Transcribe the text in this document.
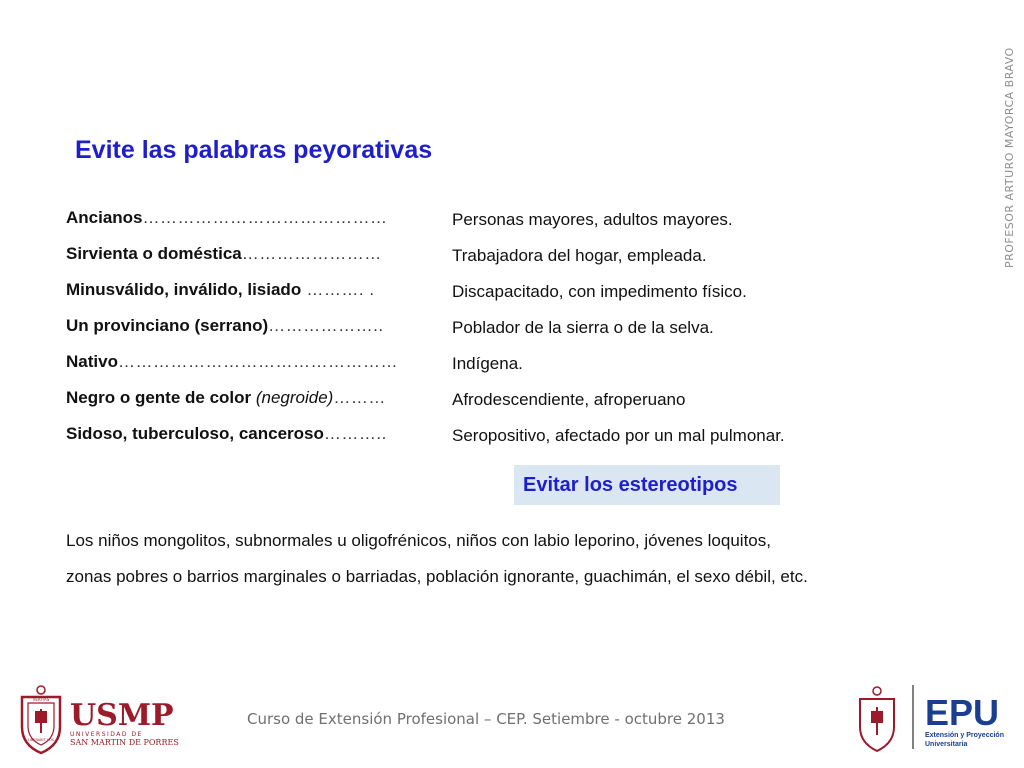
PROFESOR ARTURO MAYORCA BRAVO
Evite las palabras peyorativas
Ancianos……………………………………
Sirvienta o doméstica……………………
Minusválido, inválido, lisiado ………. .
Un provinciano (serrano)………………..
Nativo…………………………………………
Negro o gente de color (negroide)………
Sidoso, tuberculoso, canceroso………..
Personas mayores, adultos mayores.
Trabajadora del hogar, empleada.
Discapacitado, con impedimento físico.
Poblador de la sierra o de la selva.
Indígena.
Afrodescendiente, afroperuano
Seropositivo, afectado por un mal pulmonar.
Evitar los estereotipos
Los niños mongolitos, subnormales u oligofrénicos, niños con labio leporino, jóvenes loquitos,
zonas pobres o barrios marginales o barriadas, población ignorante, guachimán, el sexo débil, etc.
VERITAS
LIBERABIT VOS
USMP
UNIVERSIDAD DE
SAN MARTIN DE PORRES
Curso de Extensión Profesional – CEP. Setiembre - octubre 2013	EPU
Extensión y Proyección
Universitaria
